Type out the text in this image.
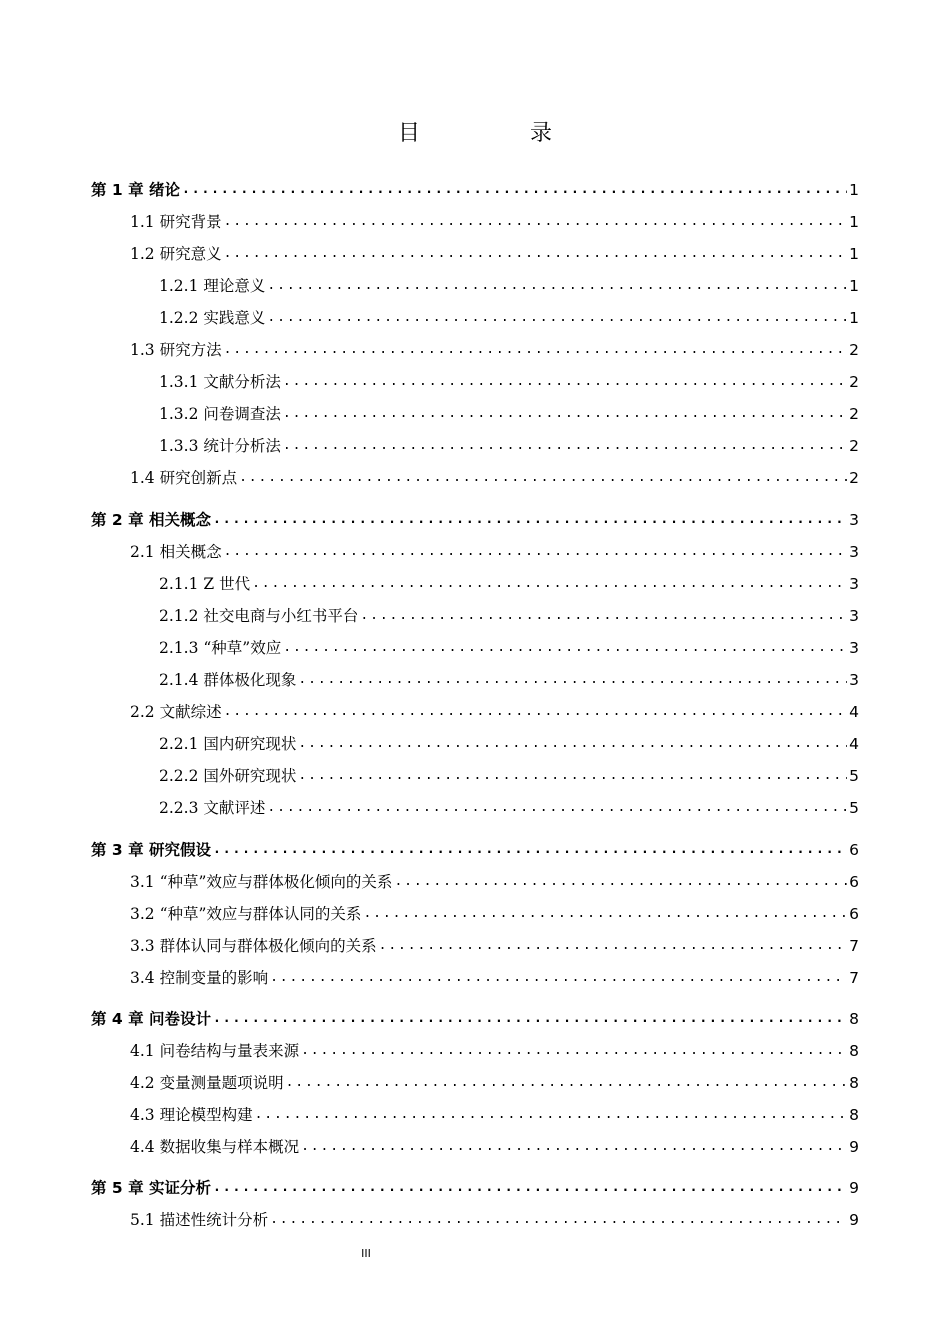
目　录
第 1 章 绪论 .....	1
1.1 研究背景 .....	1
1.2 研究意义 .....	1
1.2.1 理论意义 .....	1
1.2.2 实践意义 .....	1
1.3 研究方法 .....	2
1.3.1 文献分析法 .....	2
1.3.2 问卷调查法 .....	2
1.3.3 统计分析法 .....	2
1.4 研究创新点 .....	2
第 2 章 相关概念 .....	3
2.1 相关概念 .....	3
2.1.1 Z 世代 .....	3
2.1.2 社交电商与小红书平台 .....	3
2.1.3 “种草”效应 .....	3
2.1.4 群体极化现象 .....	3
2.2 文献综述 .....	4
2.2.1 国内研究现状 .....	4
2.2.2 国外研究现状 .....	5
2.2.3 文献评述 .....	5
第 3 章 研究假设 .....	6
3.1 “种草”效应与群体极化倾向的关系 .....	6
3.2 “种草”效应与群体认同的关系 .....	6
3.3 群体认同与群体极化倾向的关系 .....	7
3.4 控制变量的影响 .....	7
第 4 章 问卷设计 .....	8
4.1 问卷结构与量表来源 .....	8
4.2 变量测量题项说明 .....	8
4.3 理论模型构建 .....	8
4.4 数据收集与样本概况 .....	9
第 5 章 实证分析 .....	9
5.1 描述性统计分析 .....	9
III
